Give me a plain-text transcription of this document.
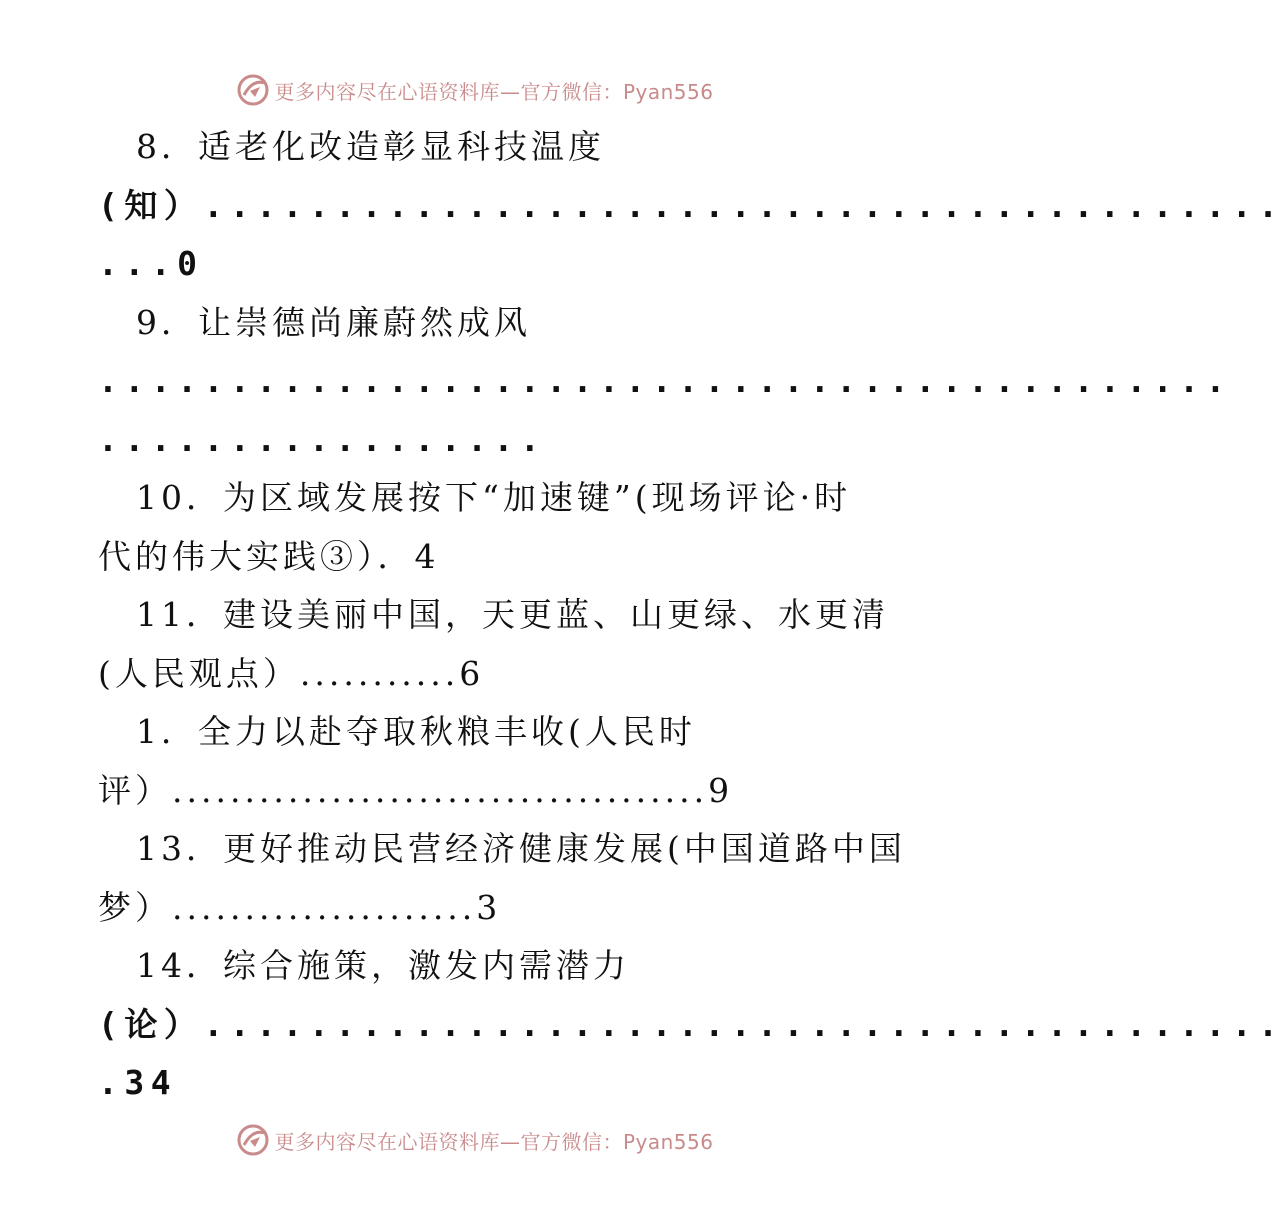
更多内容尽在心语资料库—官方微信：Pyan556
8．适老化改造彰显科技温度
(知）.........................................
...0
9．让崇德尚廉蔚然成风
...........................................
.................
10．为区域发展按下“加速键”(现场评论·时
代的伟大实践③）．4
11．建设美丽中国，天更蓝、山更绿、水更清
(人民观点）...........6
1．全力以赴夺取秋粮丰收(人民时
评）.....................................9
13．更好推动民营经济健康发展(中国道路中国
梦）.....................3
14．综合施策，激发内需潜力
(论）.........................................
.34
更多内容尽在心语资料库—官方微信：Pyan556
